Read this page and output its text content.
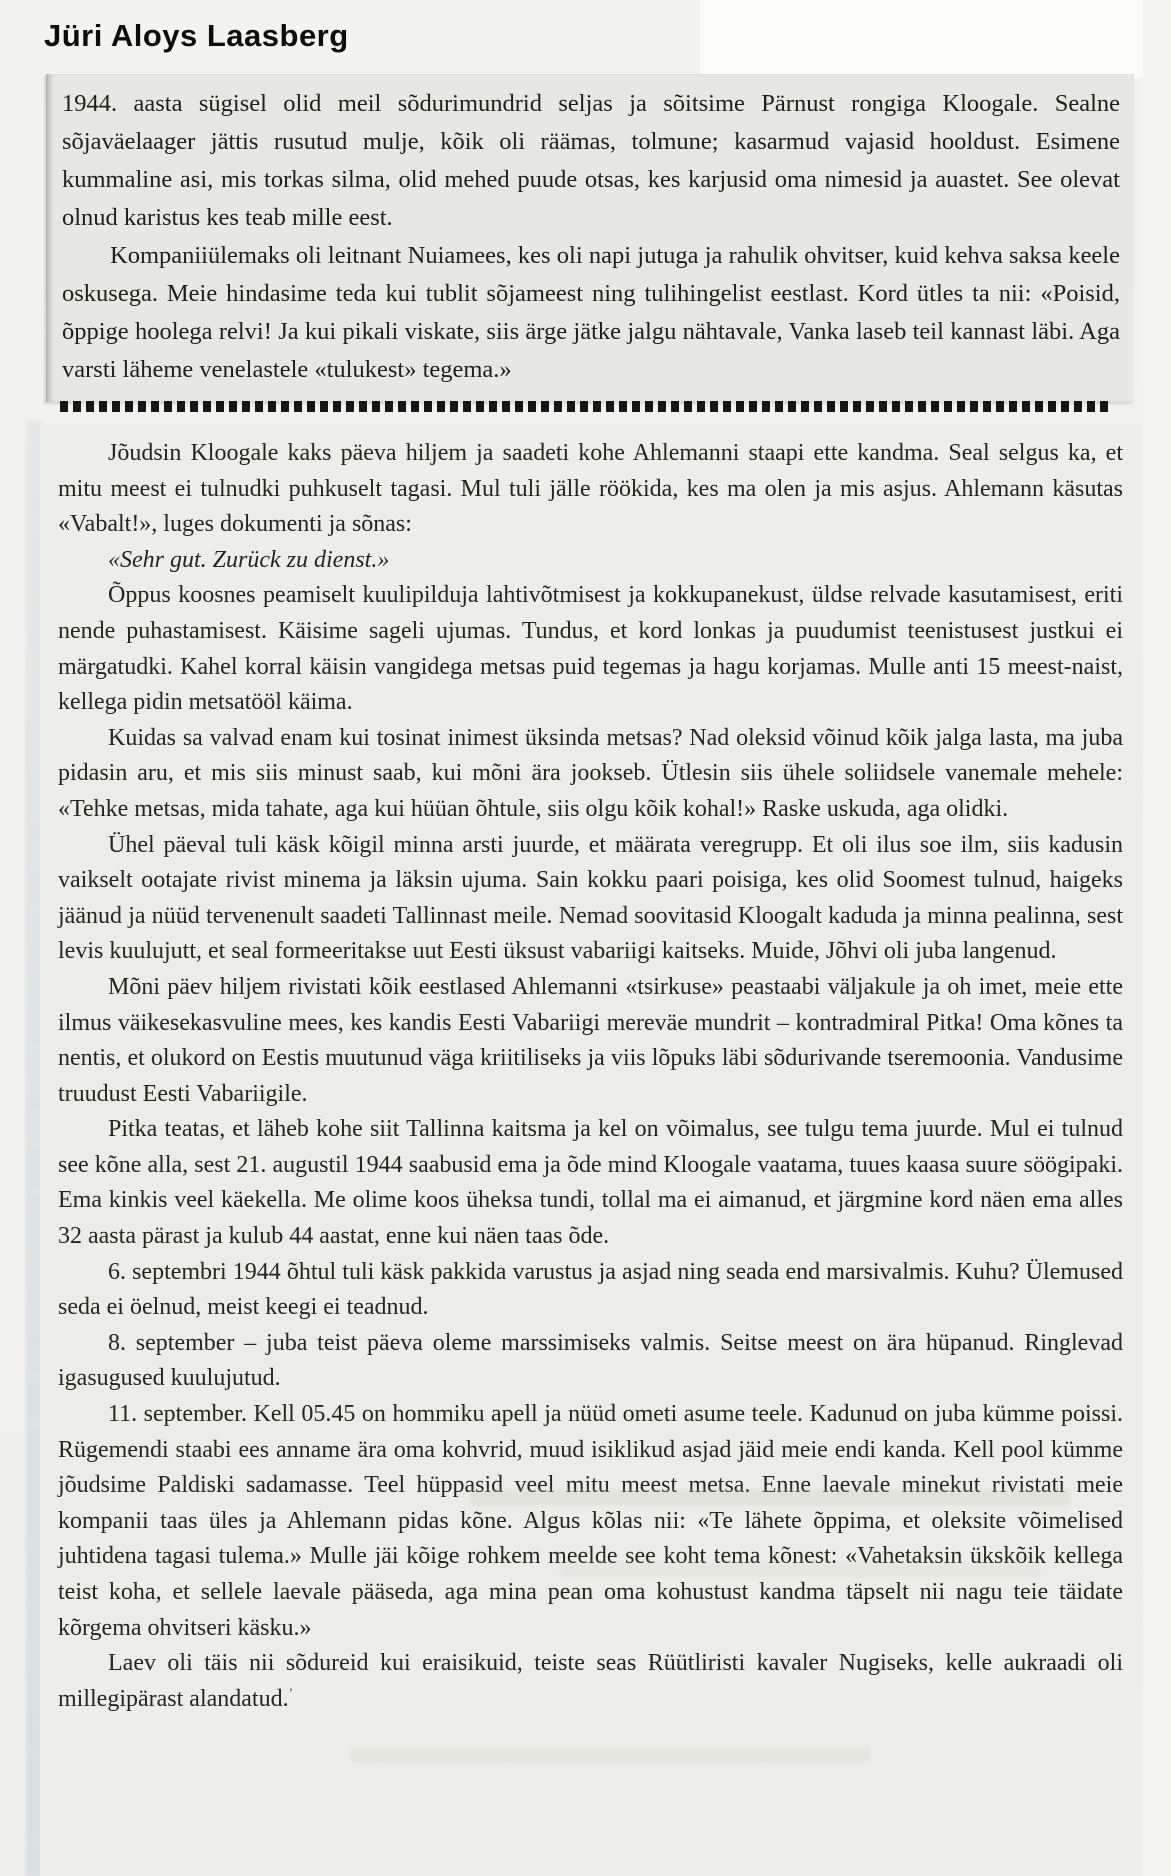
Jüri Aloys Laasberg

1944. aasta sügisel olid meil sõdurimundrid seljas ja sõitsime Pärnust rongiga Kloogale. Sealne sõjaväelaager jättis rusutud mulje, kõik oli räämas, tolmune; kasarmud vajasid hooldust. Esimene kummaline asi, mis torkas silma, olid mehed puude otsas, kes karjusid oma nimesid ja auastet. See olevat olnud karistus kes teab mille eest.

Kompaniiülemaks oli leitnant Nuiamees, kes oli napi jutuga ja rahulik ohvitser, kuid kehva saksa keele oskusega. Meie hindasime teda kui tublit sõjameest ning tulihingelist eestlast. Kord ütles ta nii: «Poisid, õppige hoolega relvi! Ja kui pikali viskate, siis ärge jätke jalgu nähtavale, Vanka laseb teil kannast läbi. Aga varsti läheme venelastele «tulukest» tegema.»

Jõudsin Kloogale kaks päeva hiljem ja saadeti kohe Ahlemanni staapi ette kandma. Seal selgus ka, et mitu meest ei tulnudki puhkuselt tagasi. Mul tuli jälle röökida, kes ma olen ja mis asjus. Ahlemann käsutas «Vabalt!», luges dokumenti ja sõnas:

«Sehr gut. Zurück zu dienst.»

Õppus koosnes peamiselt kuulipilduja lahtivõtmisest ja kokkupanekust, üldse relvade kasutamisest, eriti nende puhastamisest. Käisime sageli ujumas. Tundus, et kord lonkas ja puudumist teenistusest justkui ei märgatudki. Kahel korral käisin vangidega metsas puid tegemas ja hagu korjamas. Mulle anti 15 meest-naist, kellega pidin metsatööl käima.

Kuidas sa valvad enam kui tosinat inimest üksinda metsas? Nad oleksid võinud kõik jalga lasta, ma juba pidasin aru, et mis siis minust saab, kui mõni ära jookseb. Ütlesin siis ühele soliidsele vanemale mehele: «Tehke metsas, mida tahate, aga kui hüüan õhtule, siis olgu kõik kohal!» Raske uskuda, aga olidki.

Ühel päeval tuli käsk kõigil minna arsti juurde, et määrata veregrupp. Et oli ilus soe ilm, siis kadusin vaikselt ootajate rivist minema ja läksin ujuma. Sain kokku paari poisiga, kes olid Soomest tulnud, haigeks jäänud ja nüüd tervenenult saadeti Tallinnast meile. Nemad soovitasid Kloogalt kaduda ja minna pealinna, sest levis kuulujutt, et seal formeeritakse uut Eesti üksust vabariigi kaitseks. Muide, Jõhvi oli juba langenud.

Mõni päev hiljem rivistati kõik eestlased Ahlemanni «tsirkuse» peastaabi väljakule ja oh imet, meie ette ilmus väikesekasvuline mees, kes kandis Eesti Vabariigi mereväe mundrit – kontradmiral Pitka! Oma kõnes ta nentis, et olukord on Eestis muutunud väga kriitiliseks ja viis lõpuks läbi sõdurivande tseremoonia. Vandusime truudust Eesti Vabariigile.

Pitka teatas, et läheb kohe siit Tallinna kaitsma ja kel on võimalus, see tulgu tema juurde. Mul ei tulnud see kõne alla, sest 21. augustil 1944 saabusid ema ja õde mind Kloogale vaatama, tuues kaasa suure söögipaki. Ema kinkis veel käekella. Me olime koos üheksa tundi, tollal ma ei aimanud, et järgmine kord näen ema alles 32 aasta pärast ja kulub 44 aastat, enne kui näen taas õde.

6. septembri 1944 õhtul tuli käsk pakkida varustus ja asjad ning seada end marsivalmis. Kuhu? Ülemused seda ei öelnud, meist keegi ei teadnud.

8. september – juba teist päeva oleme marssimiseks valmis. Seitse meest on ära hüpanud. Ringlevad igasugused kuulujutud.

11. september. Kell 05.45 on hommiku apell ja nüüd ometi asume teele. Kadunud on juba kümme poissi. Rügemendi staabi ees anname ära oma kohvrid, muud isiklikud asjad jäid meie endi kanda. Kell pool kümme jõudsime Paldiski sadamasse. Teel hüppasid veel mitu meest metsa. Enne laevale minekut rivistati meie kompanii taas üles ja Ahlemann pidas kõne. Algus kõlas nii: «Te lähete õppima, et oleksite võimelised juhtidena tagasi tulema.» Mulle jäi kõige rohkem meelde see koht tema kõnest: «Vahetaksin ükskõik kellega teist koha, et sellele laevale pääseda, aga mina pean oma kohustust kandma täpselt nii nagu teie täidate kõrgema ohvitseri käsku.»

Laev oli täis nii sõdureid kui eraisikuid, teiste seas Rüütliristi kavaler Nugiseks, kelle aukraadi oli millegipärast alandatud.$^ʼ$
